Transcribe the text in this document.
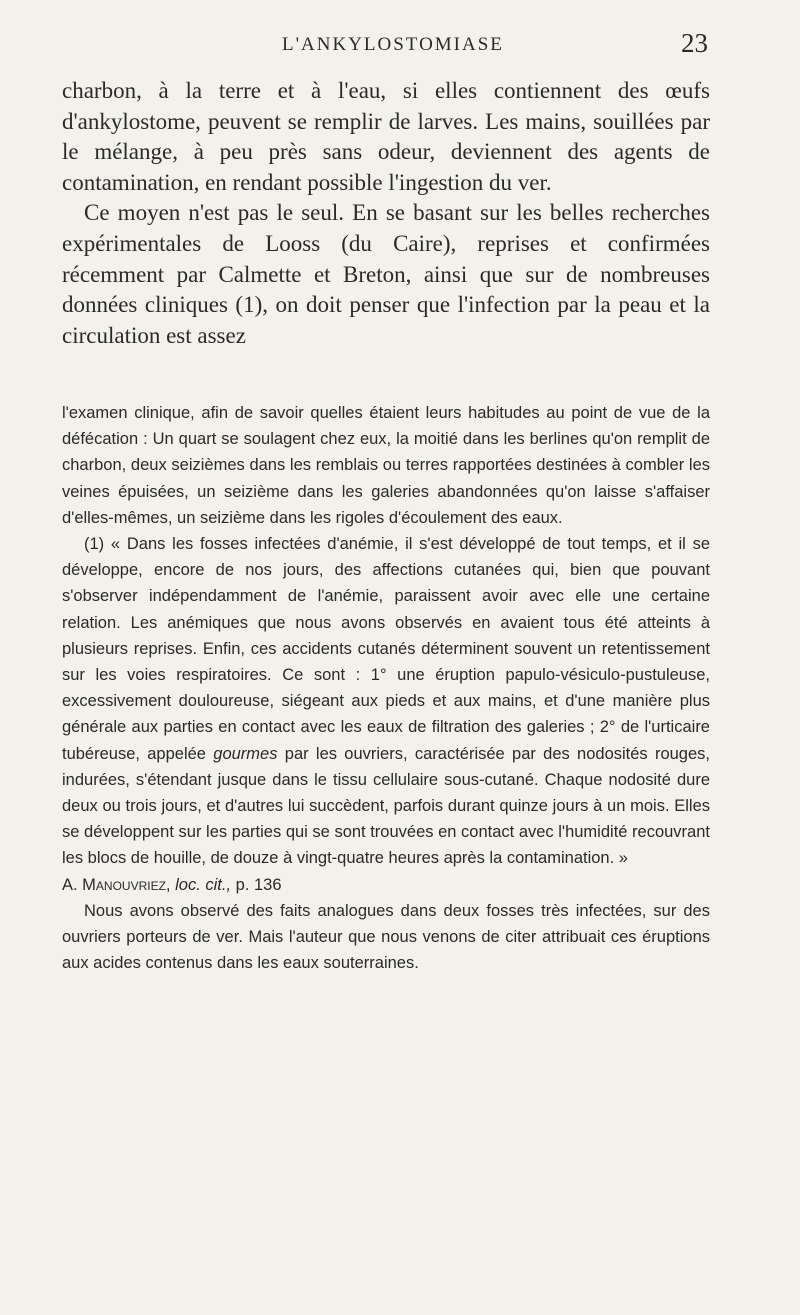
L'ANKYLOSTOMIASE	23

charbon, à la terre et à l'eau, si elles contiennent des œufs d'ankylostome, peuvent se remplir de larves. Les mains, souillées par le mélange, à peu près sans odeur, deviennent des agents de contamination, en rendant possible l'ingestion du ver.

Ce moyen n'est pas le seul. En se basant sur les belles recherches expérimentales de Looss (du Caire), reprises et confirmées récemment par Calmette et Breton, ainsi que sur de nombreuses données cliniques (1), on doit penser que l'infection par la peau et la circulation est assez

l'examen clinique, afin de savoir quelles étaient leurs habitudes au point de vue de la défécation : Un quart se soulagent chez eux, la moitié dans les berlines qu'on remplit de charbon, deux seizièmes dans les remblais ou terres rapportées destinées à combler les veines épuisées, un seizième dans les galeries abandonnées qu'on laisse s'affaiser d'elles-mêmes, un seizième dans les rigoles d'écoulement des eaux.

(1) « Dans les fosses infectées d'anémie, il s'est développé de tout temps, et il se développe, encore de nos jours, des affections cutanées qui, bien que pouvant s'observer indépendamment de l'anémie, paraissent avoir avec elle une certaine relation. Les anémiques que nous avons observés en avaient tous été atteints à plusieurs reprises. Enfin, ces accidents cutanés déterminent souvent un retentissement sur les voies respiratoires. Ce sont : 1° une éruption papulo-vésiculo-pustuleuse, excessivement douloureuse, siégeant aux pieds et aux mains, et d'une manière plus générale aux parties en contact avec les eaux de filtration des galeries ; 2° de l'urticaire tubéreuse, appelée gourmes par les ouvriers, caractérisée par des nodosités rouges, indurées, s'étendant jusque dans le tissu cellulaire sous-cutané. Chaque nodosité dure deux ou trois jours, et d'autres lui succèdent, parfois durant quinze jours à un mois. Elles se développent sur les parties qui se sont trouvées en contact avec l'humidité recouvrant les blocs de houille, de douze à vingt-quatre heures après la contamination. »

A. Manouvriez, loc. cit., p. 136

Nous avons observé des faits analogues dans deux fosses très infectées, sur des ouvriers porteurs de ver. Mais l'auteur que nous venons de citer attribuait ces éruptions aux acides contenus dans les eaux souterraines.
